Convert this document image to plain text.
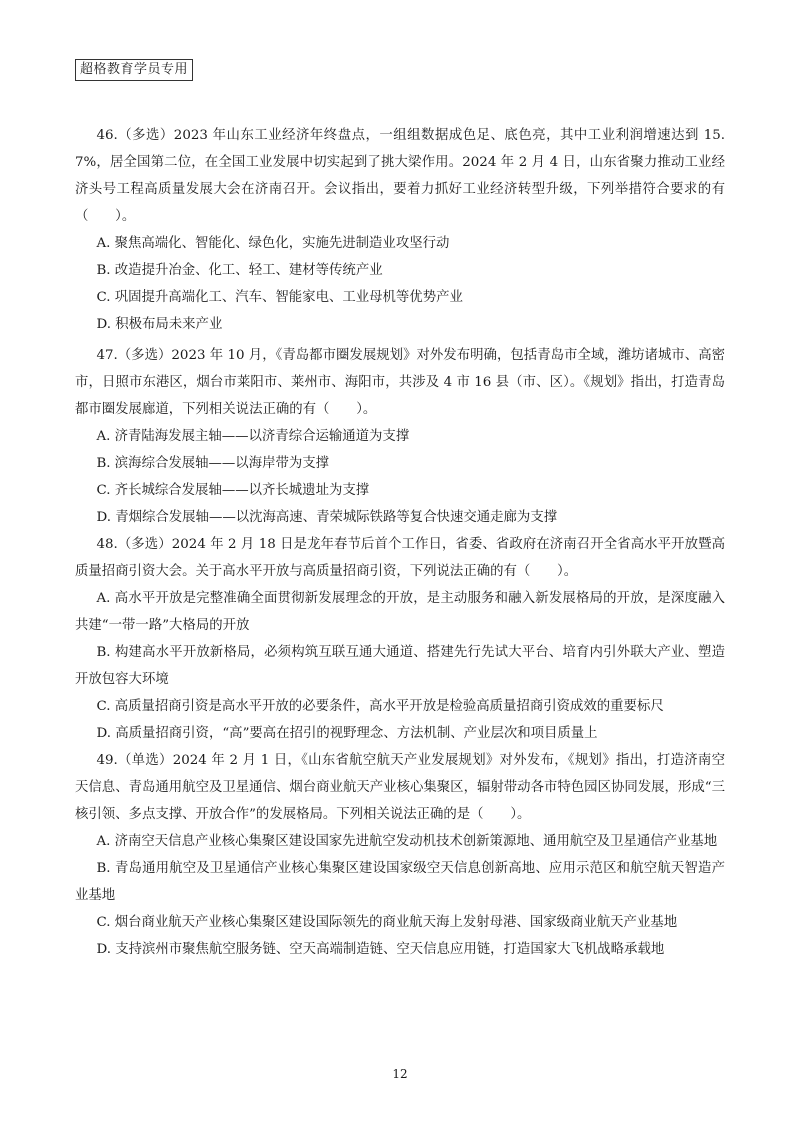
超格教育学员专用

46.（多选）2023 年山东工业经济年终盘点，一组组数据成色足、底色亮，其中工业利润增速达到 15. 7%，居全国第二位，在全国工业发展中切实起到了挑大梁作用。2024 年 2 月 4 日，山东省聚力推动工业经济头号工程高质量发展大会在济南召开。会议指出，要着力抓好工业经济转型升级，下列举措符合要求的有（　　）。

A. 聚焦高端化、智能化、绿色化，实施先进制造业攻坚行动

B. 改造提升冶金、化工、轻工、建材等传统产业

C. 巩固提升高端化工、汽车、智能家电、工业母机等优势产业

D. 积极布局未来产业

47.（多选）2023 年 10 月，《青岛都市圈发展规划》对外发布明确，包括青岛市全域，潍坊诸城市、高密市，日照市东港区，烟台市莱阳市、莱州市、海阳市，共涉及 4 市 16 县（市、区）。《规划》指出，打造青岛都市圈发展廊道，下列相关说法正确的有（　　）。

A. 济青陆海发展主轴——以济青综合运输通道为支撑

B. 滨海综合发展轴——以海岸带为支撑

C. 齐长城综合发展轴——以齐长城遗址为支撑

D. 青烟综合发展轴——以沈海高速、青荣城际铁路等复合快速交通走廊为支撑

48.（多选）2024 年 2 月 18 日是龙年春节后首个工作日，省委、省政府在济南召开全省高水平开放暨高质量招商引资大会。关于高水平开放与高质量招商引资，下列说法正确的有（　　）。

A. 高水平开放是完整准确全面贯彻新发展理念的开放，是主动服务和融入新发展格局的开放，是深度融入共建“一带一路”大格局的开放

B. 构建高水平开放新格局，必须构筑互联互通大通道、搭建先行先试大平台、培育内引外联大产业、塑造开放包容大环境

C. 高质量招商引资是高水平开放的必要条件，高水平开放是检验高质量招商引资成效的重要标尺

D. 高质量招商引资，“高”要高在招引的视野理念、方法机制、产业层次和项目质量上

49.（单选）2024 年 2 月 1 日，《山东省航空航天产业发展规划》对外发布，《规划》指出，打造济南空天信息、青岛通用航空及卫星通信、烟台商业航天产业核心集聚区，辐射带动各市特色园区协同发展，形成“三核引领、多点支撑、开放合作”的发展格局。下列相关说法正确的是（　　）。

A. 济南空天信息产业核心集聚区建设国家先进航空发动机技术创新策源地、通用航空及卫星通信产业基地

B. 青岛通用航空及卫星通信产业核心集聚区建设国家级空天信息创新高地、应用示范区和航空航天智造产业基地

C. 烟台商业航天产业核心集聚区建设国际领先的商业航天海上发射母港、国家级商业航天产业基地

D. 支持滨州市聚焦航空服务链、空天高端制造链、空天信息应用链，打造国家大飞机战略承载地

12
